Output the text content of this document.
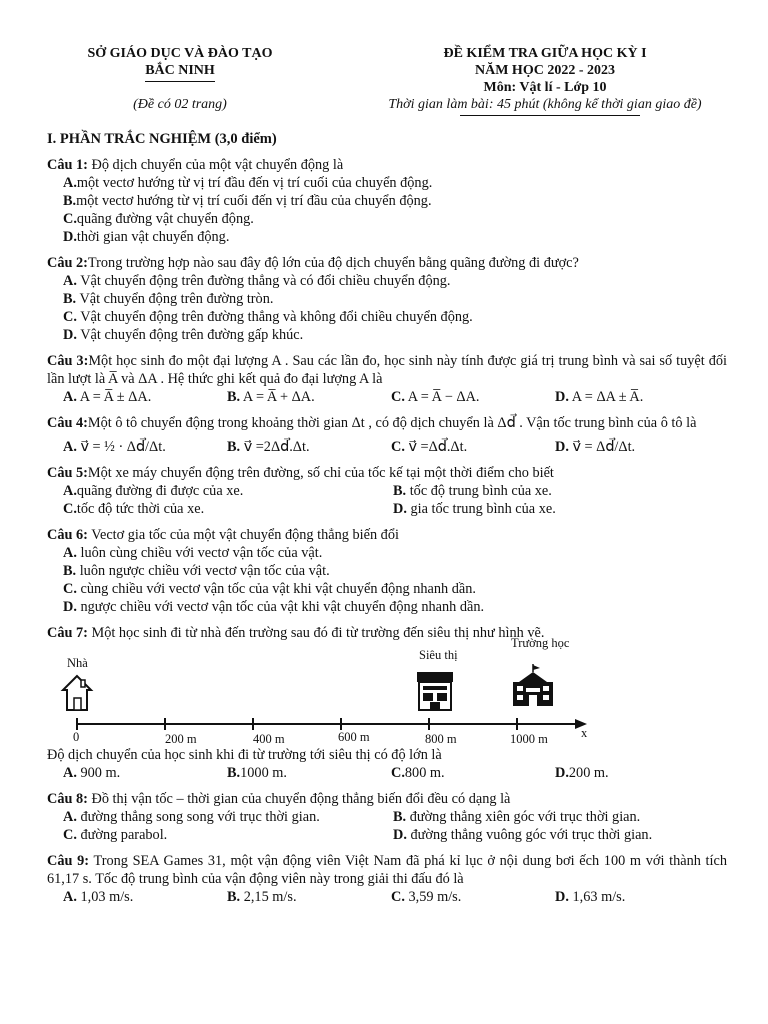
SỞ GIÁO DỤC VÀ ĐÀO TẠO
BẮC NINH
(Đề có 02 trang)
ĐỀ KIỂM TRA GIỮA HỌC KỲ I
NĂM HỌC 2022 - 2023
Môn: Vật lí - Lớp 10
Thời gian làm bài: 45 phút (không kể thời gian giao đề)
I. PHẦN TRẮC NGHIỆM (3,0 điểm)
Câu 1: Độ dịch chuyển của một vật chuyển động là
A.một vectơ hướng từ vị trí đầu đến vị trí cuối của chuyển động.
B.một vectơ hướng từ vị trí cuối đến vị trí đầu của chuyển động.
C.quãng đường vật chuyển động.
D.thời gian vật chuyển động.
Câu 2:Trong trường hợp nào sau đây độ lớn của độ dịch chuyển bằng quãng đường đi được?
A. Vật chuyển động trên đường thẳng và có đổi chiều chuyển động.
B. Vật chuyển động trên đường tròn.
C. Vật chuyển động trên đường thẳng và không đổi chiều chuyển động.
D. Vật chuyển động trên đường gấp khúc.
Câu 3:Một học sinh đo một đại lượng A . Sau các lần đo, học sinh này tính được giá trị trung bình và sai số tuyệt đối lần lượt là A̅ và ΔA . Hệ thức ghi kết quả đo đại lượng A là
A. A = A̅ ± ΔA.	B. A = A̅ + ΔA.	C. A = A̅ − ΔA.	D. A = ΔA ± A̅.
Câu 4:Một ô tô chuyển động trong khoảng thời gian Δt , có độ dịch chuyển là Δd⃗ . Vận tốc trung bình của ô tô là
A. v⃗ = ½ · Δd⃗/Δt.	B. v⃗ =2Δd⃗.Δt.	C. v⃗ =Δd⃗.Δt.	D. v⃗ = Δd⃗/Δt.
Câu 5:Một xe máy chuyển động trên đường, số chỉ của tốc kế tại một thời điểm cho biết
A.quãng đường đi được của xe.	B. tốc độ trung bình của xe.
C.tốc độ tức thời của xe.	D. gia tốc trung bình của xe.
Câu 6: Vectơ gia tốc của một vật chuyển động thẳng biến đổi
A. luôn cùng chiều với vectơ vận tốc của vật.
B. luôn ngược chiều với vectơ vận tốc của vật.
C. cùng chiều với vectơ vận tốc của vật khi vật chuyển động nhanh dần.
D. ngược chiều với vectơ vận tốc của vật khi vật chuyển động nhanh dần.
Câu 7: Một học sinh đi từ nhà đến trường sau đó đi từ trường đến siêu thị như hình vẽ.
Nhà
Siêu thị
Trường học
x
0	200 m	400 m	600 m	800 m	1000 m
Độ dịch chuyển của học sinh khi đi từ trường tới siêu thị có độ lớn là
A. 900 m.	B.1000 m.	C.800 m.	D.200 m.
Câu 8: Đồ thị vận tốc – thời gian của chuyển động thẳng biến đổi đều có dạng là
A. đường thẳng song song với trục thời gian.	B. đường thẳng xiên góc với trục thời gian.
C. đường parabol.	D. đường thẳng vuông góc với trục thời gian.
Câu 9: Trong SEA Games 31, một vận động viên Việt Nam đã phá kỉ lục ở nội dung bơi ếch 100 m với thành tích 61,17 s. Tốc độ trung bình của vận động viên này trong giải thi đấu đó là
A. 1,03 m/s.	B. 2,15 m/s.	C. 3,59 m/s.	D. 1,63 m/s.
